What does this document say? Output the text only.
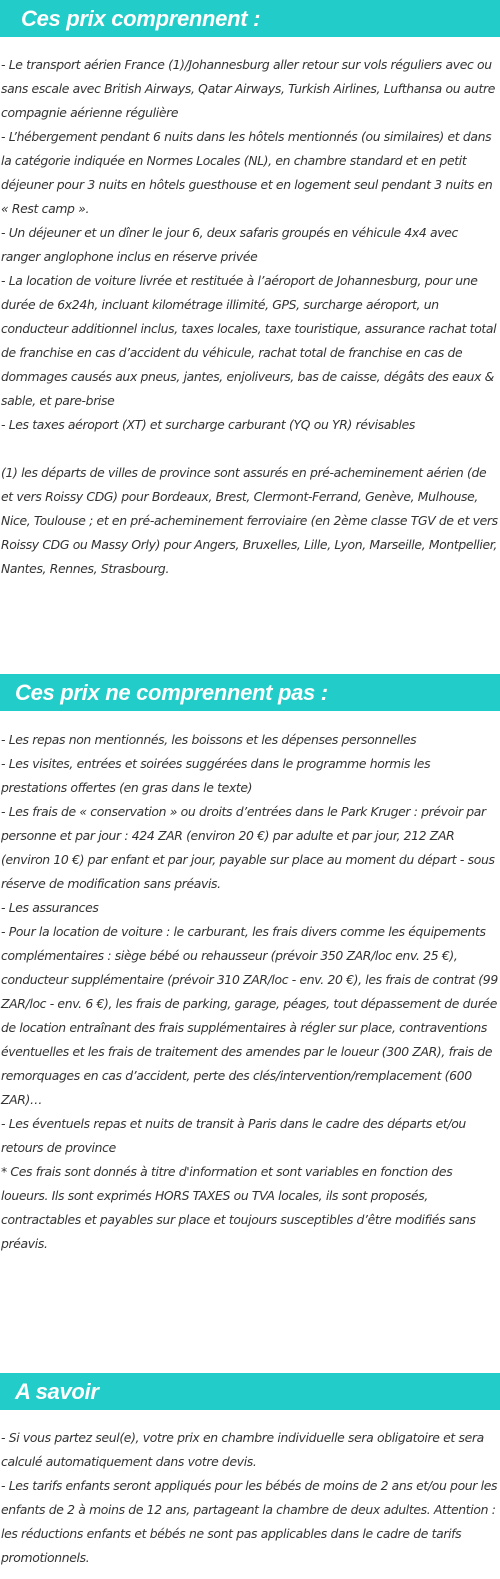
Ces prix comprennent :

- Le transport aérien France (1)/Johannesburg aller retour sur vols réguliers avec ou sans escale avec British Airways, Qatar Airways, Turkish Airlines, Lufthansa ou autre compagnie aérienne régulière

- L’hébergement pendant 6 nuits dans les hôtels mentionnés (ou similaires) et dans la catégorie indiquée en Normes Locales (NL), en chambre standard et en petit déjeuner pour 3 nuits en hôtels guesthouse et en logement seul pendant 3 nuits en « Rest camp ».

- Un déjeuner et un dîner le jour 6, deux safaris groupés en véhicule 4x4 avec ranger anglophone inclus en réserve privée

- La location de voiture livrée et restituée à l’aéroport de Johannesburg, pour une durée de 6x24h, incluant kilométrage illimité, GPS, surcharge aéroport, un conducteur additionnel inclus, taxes locales, taxe touristique, assurance rachat total de franchise en cas d’accident du véhicule, rachat total de franchise en cas de dommages causés aux pneus, jantes, enjoliveurs, bas de caisse, dégâts des eaux & sable, et pare-brise

- Les taxes aéroport (XT) et surcharge carburant (YQ ou YR) révisables

(1) les départs de villes de province sont assurés en pré-acheminement aérien (de et vers Roissy CDG) pour Bordeaux, Brest, Clermont-Ferrand, Genève, Mulhouse, Nice, Toulouse ; et en pré-acheminement ferroviaire (en 2ème classe TGV de et vers Roissy CDG ou Massy Orly) pour Angers, Bruxelles, Lille, Lyon, Marseille, Montpellier, Nantes, Rennes, Strasbourg.

Ces prix ne comprennent pas :

- Les repas non mentionnés, les boissons et les dépenses personnelles

- Les visites, entrées et soirées suggérées dans le programme hormis les prestations offertes (en gras dans le texte)

- Les frais de « conservation » ou droits d’entrées dans le Park Kruger : prévoir par personne et par jour : 424 ZAR (environ 20 €) par adulte et par jour, 212 ZAR (environ 10 €) par enfant et par jour, payable sur place au moment du départ - sous réserve de modification sans préavis.

- Les assurances

- Pour la location de voiture : le carburant, les frais divers comme les équipements complémentaires : siège bébé ou rehausseur (prévoir 350 ZAR/loc env. 25 €), conducteur supplémentaire (prévoir 310 ZAR/loc - env. 20 €), les frais de contrat (99 ZAR/loc - env. 6 €), les frais de parking, garage, péages, tout dépassement de durée de location entraînant des frais supplémentaires à régler sur place, contraventions éventuelles et les frais de traitement des amendes par le loueur (300 ZAR), frais de remorquages en cas d’accident, perte des clés/intervention/remplacement (600 ZAR)…

- Les éventuels repas et nuits de transit à Paris dans le cadre des départs et/ou retours de province

* Ces frais sont donnés à titre d'information et sont variables en fonction des loueurs. Ils sont exprimés HORS TAXES ou TVA locales, ils sont proposés, contractables et payables sur place et toujours susceptibles d’être modifiés sans préavis.

A savoir

- Si vous partez seul(e), votre prix en chambre individuelle sera obligatoire et sera calculé automatiquement dans votre devis.

- Les tarifs enfants seront appliqués pour les bébés de moins de 2 ans et/ou pour les enfants de 2 à moins de 12 ans, partageant la chambre de deux adultes. Attention : les réductions enfants et bébés ne sont pas applicables dans le cadre de tarifs promotionnels.
